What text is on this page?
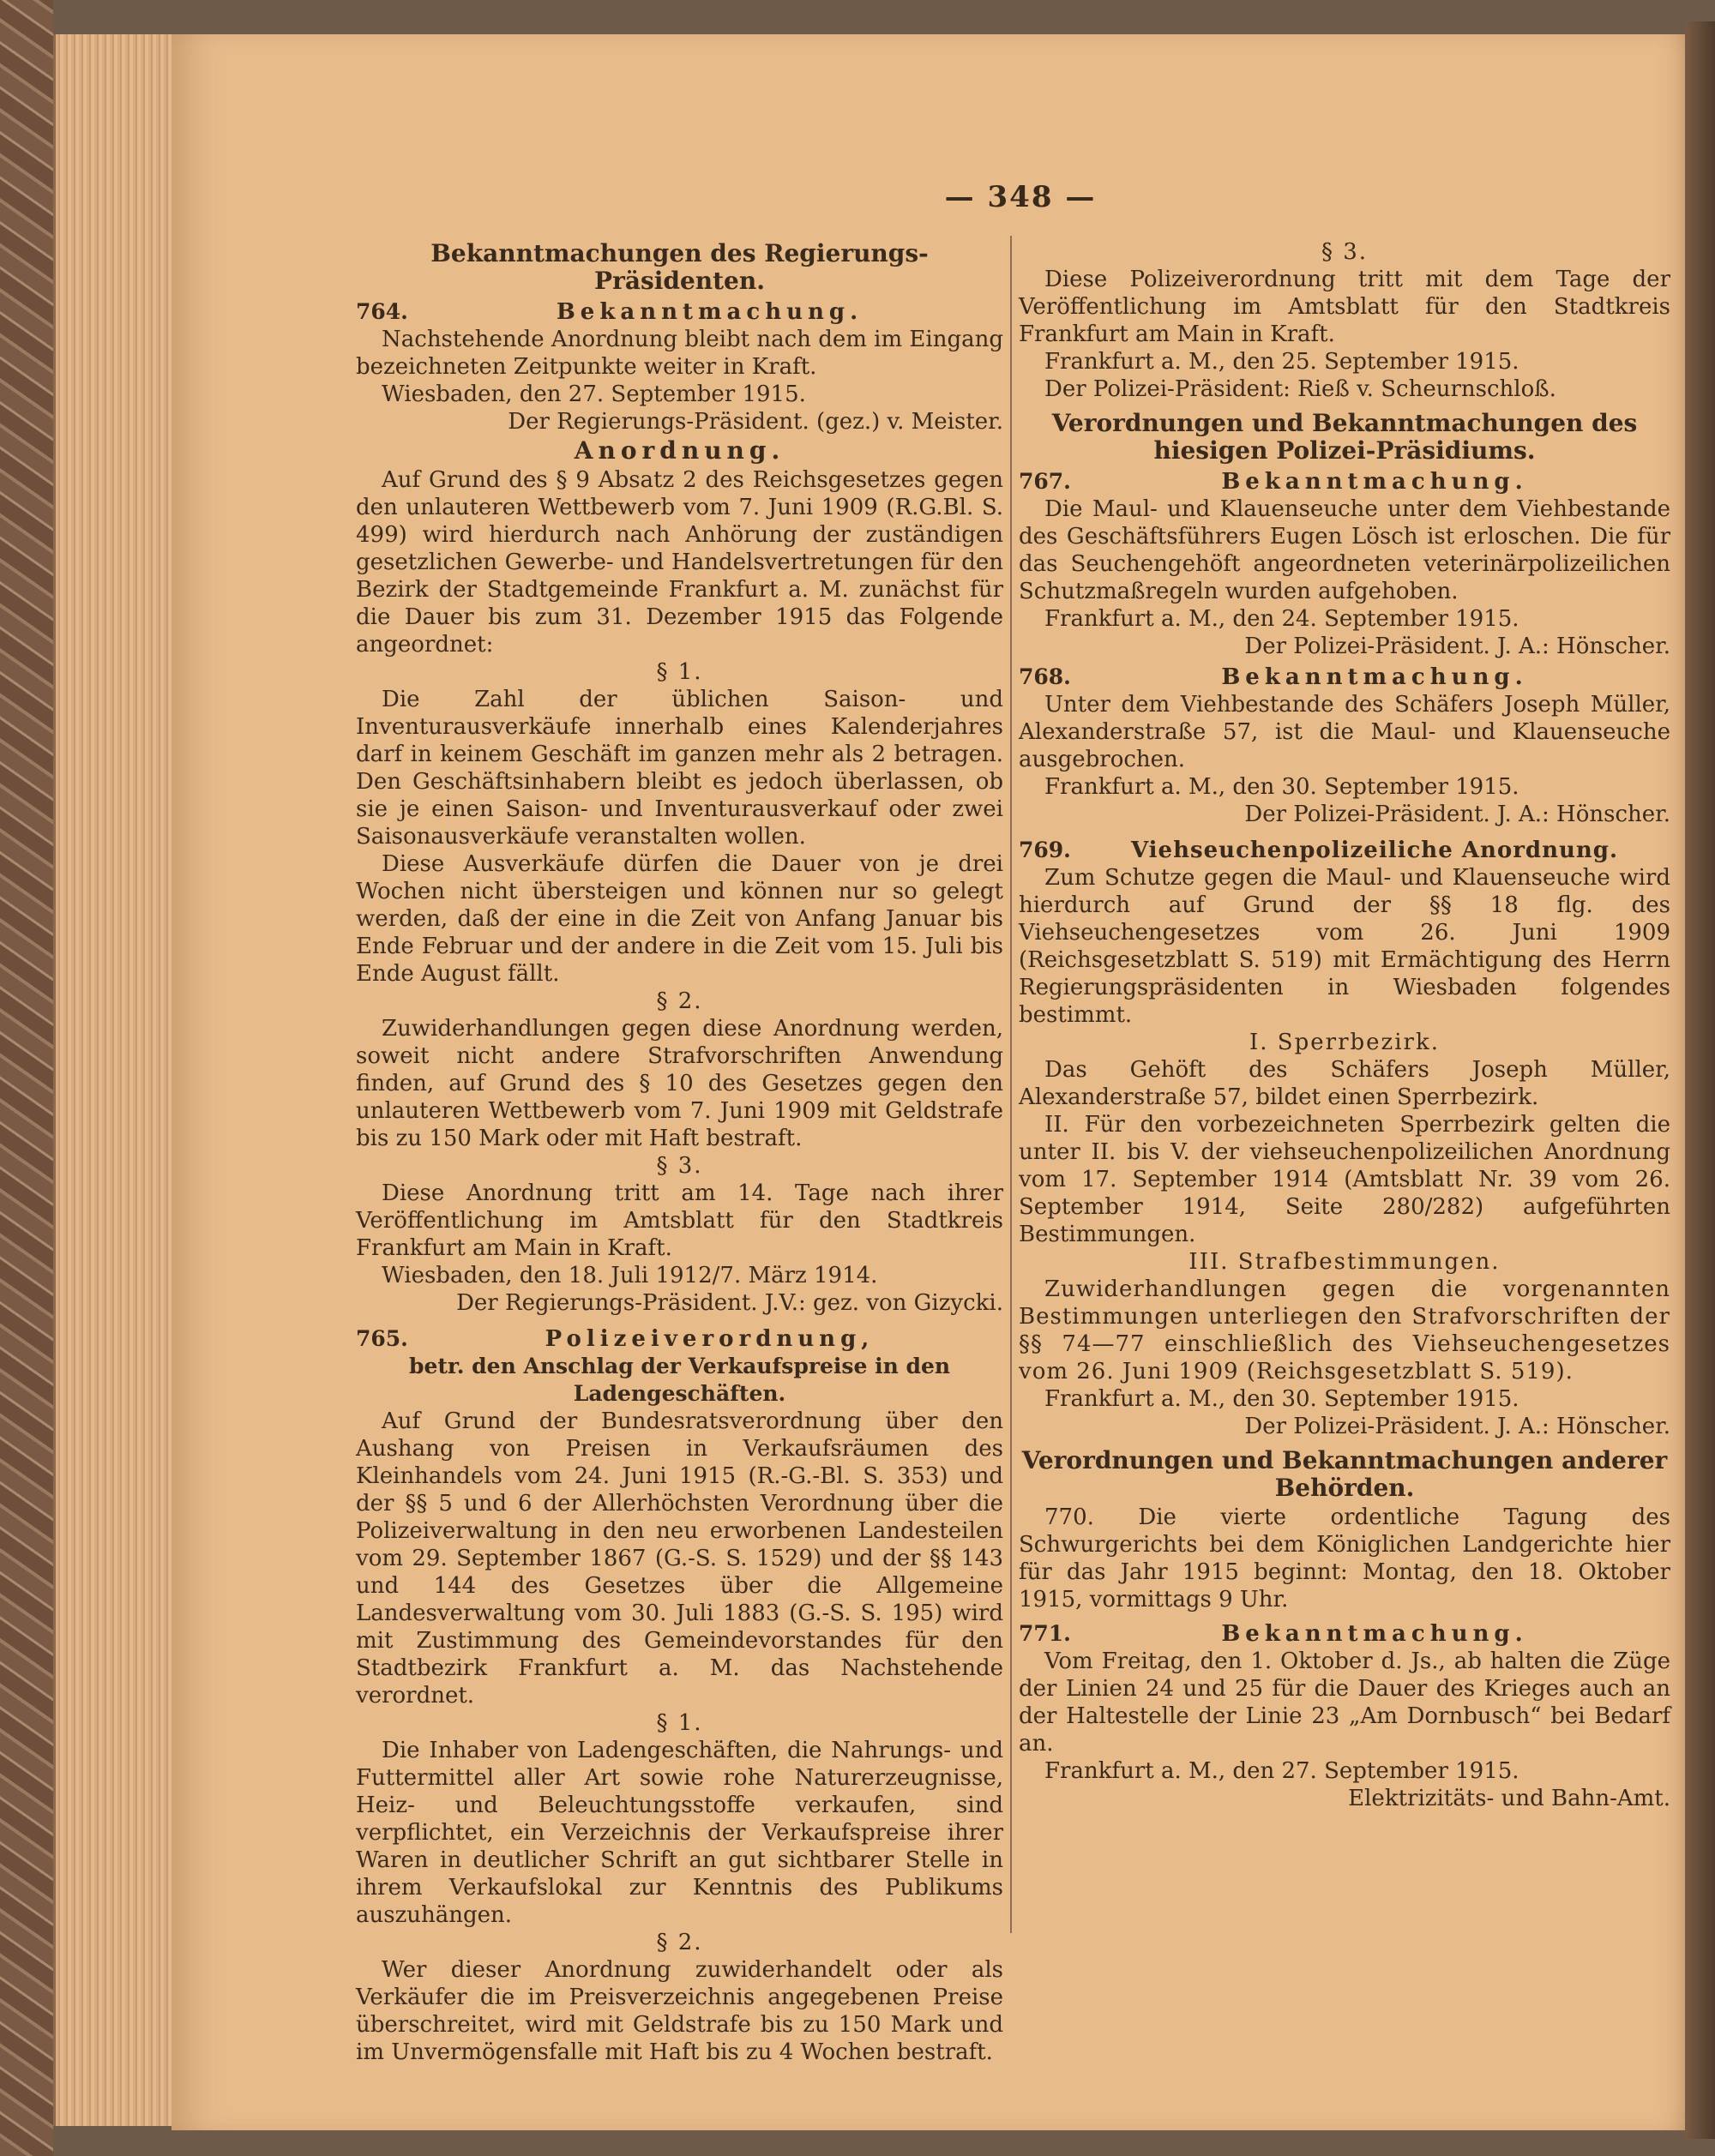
— 348 —
Bekanntmachungen des Regierungs-Präsidenten.
764.	Bekanntmachung.

Nachstehende Anordnung bleibt nach dem im Eingang bezeichneten Zeitpunkte weiter in Kraft.

Wiesbaden, den 27. September 1915.

Der Regierungs-Präsident. (gez.) v. Meister.

Anordnung.

Auf Grund des § 9 Absatz 2 des Reichsgesetzes gegen den unlauteren Wettbewerb vom 7. Juni 1909 (R.G.Bl. S. 499) wird hierdurch nach Anhörung der zuständigen gesetzlichen Gewerbe- und Handelsvertretungen für den Bezirk der Stadtgemeinde Frankfurt a. M. zunächst für die Dauer bis zum 31. Dezember 1915 das Folgende angeordnet:

§ 1.

Die Zahl der üblichen Saison- und Inventurausverkäufe innerhalb eines Kalenderjahres darf in keinem Geschäft im ganzen mehr als 2 betragen. Den Geschäftsinhabern bleibt es jedoch überlassen, ob sie je einen Saison- und Inventurausverkauf oder zwei Saisonausverkäufe veranstalten wollen.

Diese Ausverkäufe dürfen die Dauer von je drei Wochen nicht übersteigen und können nur so gelegt werden, daß der eine in die Zeit von Anfang Januar bis Ende Februar und der andere in die Zeit vom 15. Juli bis Ende August fällt.

§ 2.

Zuwiderhandlungen gegen diese Anordnung werden, soweit nicht andere Strafvorschriften Anwendung finden, auf Grund des § 10 des Gesetzes gegen den unlauteren Wettbewerb vom 7. Juni 1909 mit Geldstrafe bis zu 150 Mark oder mit Haft bestraft.

§ 3.

Diese Anordnung tritt am 14. Tage nach ihrer Veröffentlichung im Amtsblatt für den Stadtkreis Frankfurt am Main in Kraft.

Wiesbaden, den 18. Juli 1912/7. März 1914.

Der Regierungs-Präsident. J.V.: gez. von Gizycki.

765.	Polizeiverordnung,
betr. den Anschlag der Verkaufspreise in den Ladengeschäften.

Auf Grund der Bundesratsverordnung über den Aushang von Preisen in Verkaufsräumen des Kleinhandels vom 24. Juni 1915 (R.-G.-Bl. S. 353) und der §§ 5 und 6 der Allerhöchsten Verordnung über die Polizeiverwaltung in den neu erworbenen Landesteilen vom 29. September 1867 (G.-S. S. 1529) und der §§ 143 und 144 des Gesetzes über die Allgemeine Landesverwaltung vom 30. Juli 1883 (G.-S. S. 195) wird mit Zustimmung des Gemeindevorstandes für den Stadtbezirk Frankfurt a. M. das Nachstehende verordnet.

§ 1.

Die Inhaber von Ladengeschäften, die Nahrungs- und Futtermittel aller Art sowie rohe Naturerzeugnisse, Heiz- und Beleuchtungsstoffe verkaufen, sind verpflichtet, ein Verzeichnis der Verkaufspreise ihrer Waren in deutlicher Schrift an gut sichtbarer Stelle in ihrem Verkaufslokal zur Kenntnis des Publikums auszuhängen.

§ 2.

Wer dieser Anordnung zuwiderhandelt oder als Verkäufer die im Preisverzeichnis angegebenen Preise überschreitet, wird mit Geldstrafe bis zu 150 Mark und im Unvermögensfalle mit Haft bis zu 4 Wochen bestraft.

§ 3.

Diese Polizeiverordnung tritt mit dem Tage der Veröffentlichung im Amtsblatt für den Stadtkreis Frankfurt am Main in Kraft.

Frankfurt a. M., den 25. September 1915.

Der Polizei-Präsident: Rieß v. Scheurnschloß.

Verordnungen und Bekanntmachungen des hiesigen Polizei-Präsidiums.
767.	Bekanntmachung.

Die Maul- und Klauenseuche unter dem Viehbestande des Geschäftsführers Eugen Lösch ist erloschen. Die für das Seuchengehöft angeordneten veterinärpolizeilichen Schutzmaßregeln wurden aufgehoben.

Frankfurt a. M., den 24. September 1915.

Der Polizei-Präsident. J. A.: Hönscher.

768.	Bekanntmachung.

Unter dem Viehbestande des Schäfers Joseph Müller, Alexanderstraße 57, ist die Maul- und Klauenseuche ausgebrochen.

Frankfurt a. M., den 30. September 1915.

Der Polizei-Präsident. J. A.: Hönscher.

769.	Viehseuchenpolizeiliche Anordnung.

Zum Schutze gegen die Maul- und Klauenseuche wird hierdurch auf Grund der §§ 18 flg. des Viehseuchengesetzes vom 26. Juni 1909 (Reichsgesetzblatt S. 519) mit Ermächtigung des Herrn Regierungspräsidenten in Wiesbaden folgendes bestimmt.

I. Sperrbezirk.

Das Gehöft des Schäfers Joseph Müller, Alexanderstraße 57, bildet einen Sperrbezirk.

II. Für den vorbezeichneten Sperrbezirk gelten die unter II. bis V. der viehseuchenpolizeilichen Anordnung vom 17. September 1914 (Amtsblatt Nr. 39 vom 26. September 1914, Seite 280/282) aufgeführten Bestimmungen.

III. Strafbestimmungen.

Zuwiderhandlungen gegen die vorgenannten Bestimmungen unterliegen den Strafvorschriften der §§ 74—77 einschließlich des Viehseuchengesetzes vom 26. Juni 1909 (Reichsgesetzblatt S. 519).

Frankfurt a. M., den 30. September 1915.

Der Polizei-Präsident. J. A.: Hönscher.

Verordnungen und Bekanntmachungen anderer Behörden.

770. Die vierte ordentliche Tagung des Schwurgerichts bei dem Königlichen Landgerichte hier für das Jahr 1915 beginnt: Montag, den 18. Oktober 1915, vormittags 9 Uhr.

771.	Bekanntmachung.

Vom Freitag, den 1. Oktober d. Js., ab halten die Züge der Linien 24 und 25 für die Dauer des Krieges auch an der Haltestelle der Linie 23 „Am Dornbusch“ bei Bedarf an.

Frankfurt a. M., den 27. September 1915.

Elektrizitäts- und Bahn-Amt.
